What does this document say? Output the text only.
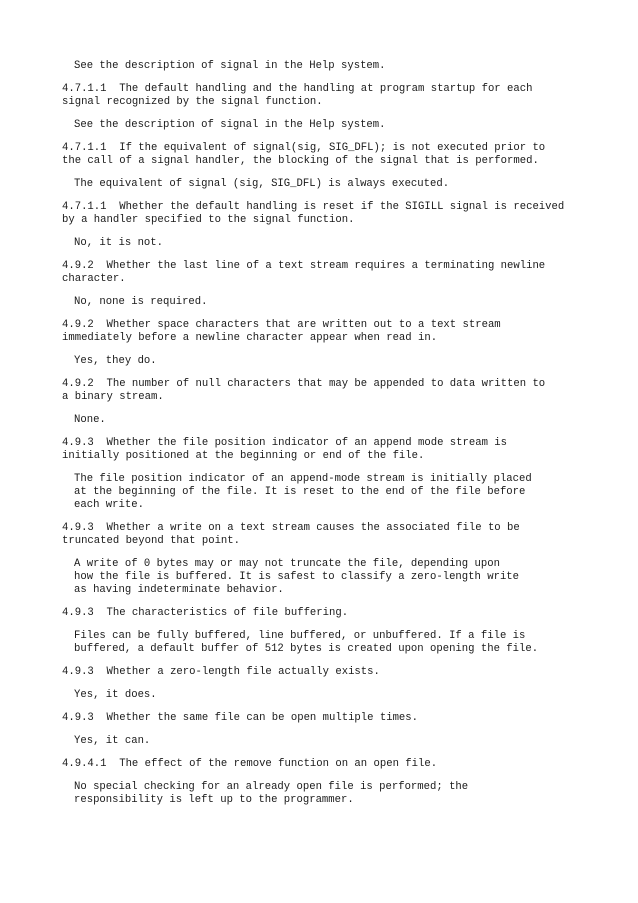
See the description of signal in the Help system.

4.7.1.1  The default handling and the handling at program startup for each
signal recognized by the signal function.

See the description of signal in the Help system.

4.7.1.1  If the equivalent of signal(sig, SIG_DFL); is not executed prior to
the call of a signal handler, the blocking of the signal that is performed.

The equivalent of signal (sig, SIG_DFL) is always executed.

4.7.1.1  Whether the default handling is reset if the SIGILL signal is received
by a handler specified to the signal function.

No, it is not.

4.9.2  Whether the last line of a text stream requires a terminating newline
character.

No, none is required.

4.9.2  Whether space characters that are written out to a text stream
immediately before a newline character appear when read in.

Yes, they do.

4.9.2  The number of null characters that may be appended to data written to
a binary stream.

None.

4.9.3  Whether the file position indicator of an append mode stream is
initially positioned at the beginning or end of the file.

The file position indicator of an append-mode stream is initially placed
at the beginning of the file. It is reset to the end of the file before
each write.

4.9.3  Whether a write on a text stream causes the associated file to be
truncated beyond that point.

A write of 0 bytes may or may not truncate the file, depending upon
how the file is buffered. It is safest to classify a zero-length write
as having indeterminate behavior.

4.9.3  The characteristics of file buffering.

Files can be fully buffered, line buffered, or unbuffered. If a file is
buffered, a default buffer of 512 bytes is created upon opening the file.

4.9.3  Whether a zero-length file actually exists.

Yes, it does.

4.9.3  Whether the same file can be open multiple times.

Yes, it can.

4.9.4.1  The effect of the remove function on an open file.

No special checking for an already open file is performed; the
responsibility is left up to the programmer.
